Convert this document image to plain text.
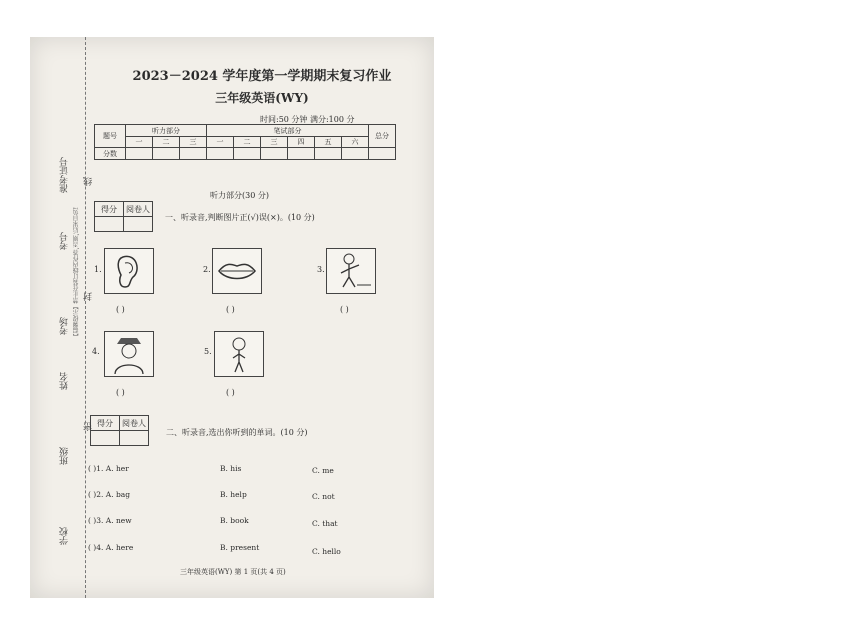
准考证号
考号
考场
姓名
班级
学校
【温馨提示】禁止在装订线内作答,否则,后果自负!
线
封
密
2023－2024 学年度第一学期期末复习作业
三年级英语(WY)
时间:50 分钟 满分:100 分
题号	听力部分			笔试部分						总分
	一	二	三	一	二	三	四	五	六	
分数										
听力部分(30 分)
得分	阅卷人

一、听录音,判断图片正(√)误(×)。(10 分)
1.	2.	3.
( )	( )	( )
4.	5.
( )	( )
得分	阅卷人

二、听录音,选出你听到的单词。(10 分)
( )1. A. her	B. his	C. me
( )2. A. bag	B. help	C. not
( )3. A. new	B. book	C. that
( )4. A. here	B. present	C. hello
三年级英语(WY) 第 1 页(共 4 页)
